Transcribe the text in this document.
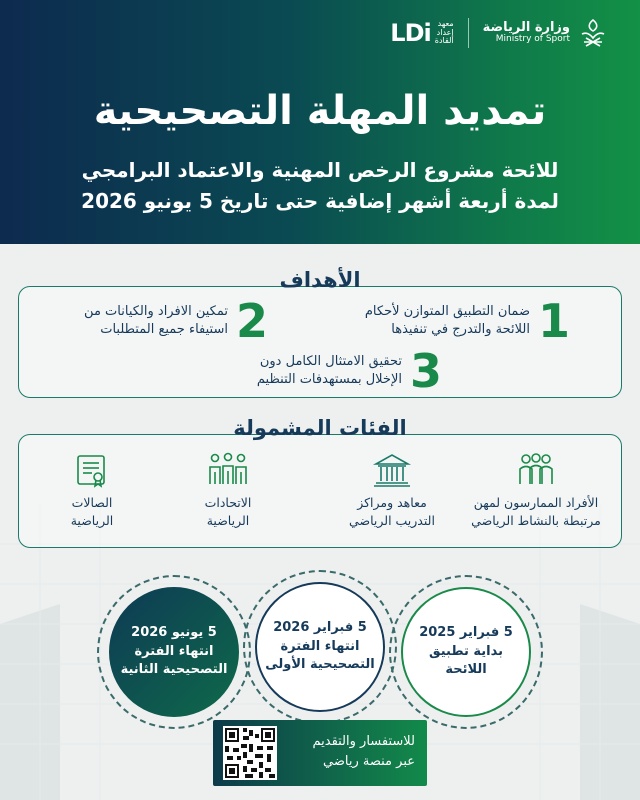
LDi معهد
إعداد
القادة
وزارة الرياضة
Ministry of Sport
تمديد المهلة التصحيحية
للائحة مشروع الرخص المهنية والاعتماد البرامجي
لمدة أربعة أشهر إضافية حتى تاريخ 5 يونيو 2026
الأهداف
1
ضمان التطبيق المتوازن لأحكام
اللائحة والتدرج في تنفيذها
2
تمكين الافراد والكيانات من
استيفاء جميع المتطلبات
3
تحقيق الامتثال الكامل دون
الإخلال بمستهدفات التنظيم
الفئات المشمولة
الأفراد الممارسون لمهن
مرتبطة بالنشاط الرياضي
معاهد ومراكز
التدريب الرياضي
الاتحادات
الرياضية
الصالات
الرياضية
5 فبراير 2025
بداية تطبيق
اللائحة
5 فبراير 2026
انتهاء الفترة
التصحيحية الأولى
5 يونيو 2026
انتهاء الفترة
التصحيحية الثانية
للاستفسار والتقديم
عبر منصة رياضي
